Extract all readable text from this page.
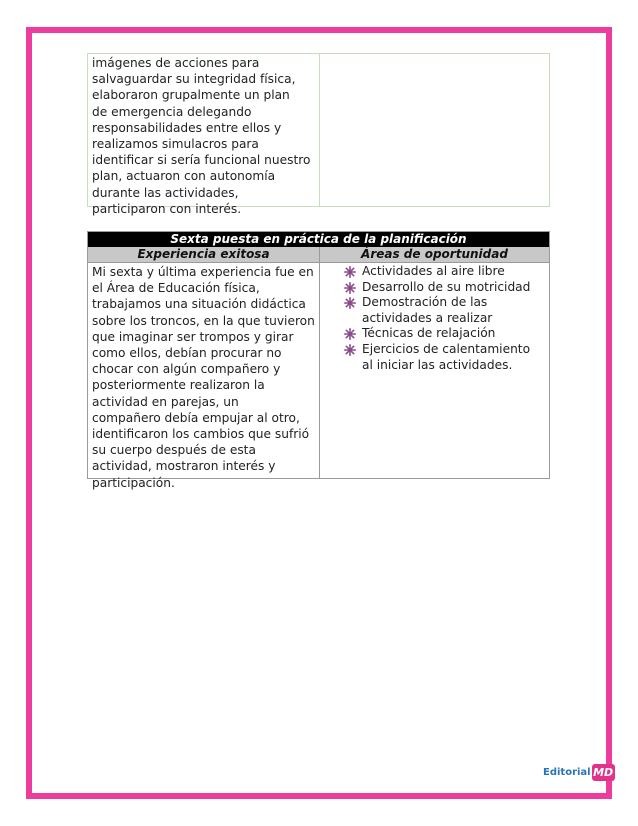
imágenes de acciones para
salvaguardar su integridad física,
elaboraron grupalmente un plan
de emergencia delegando
responsabilidades entre ellos y
realizamos simulacros para
identificar si sería funcional nuestro
plan, actuaron con autonomía
durante las actividades,
participaron con interés.
Sexta puesta en práctica de la planificación
Experiencia exitosa	Áreas de oportunidad
Mi sexta y última experiencia fue en
el Área de Educación física,
trabajamos una situación didáctica
sobre los troncos, en la que tuvieron
que imaginar ser trompos y girar
como ellos, debían procurar no
chocar con algún compañero y
posteriormente realizaron la
actividad en parejas, un
compañero debía empujar al otro,
identificaron los cambios que sufrió
su cuerpo después de esta
actividad, mostraron interés y
participación.
Actividades al aire libre
Desarrollo de su motricidad
Demostración de las
actividades a realizar
Técnicas de relajación
Ejercicios de calentamiento
al iniciar las actividades.
Editorial MD
